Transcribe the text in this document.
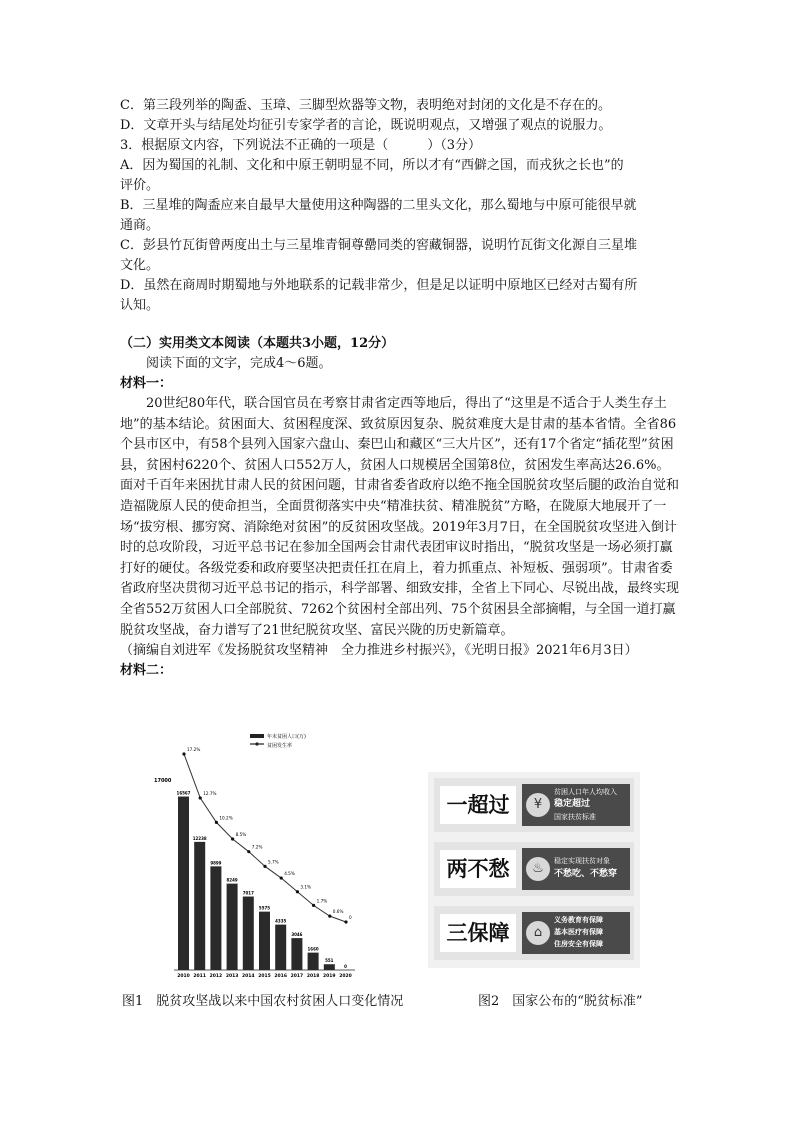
C．第三段列举的陶盉、玉璋、三脚型炊器等文物，表明绝对封闭的文化是不存在的。
D．文章开头与结尾处均征引专家学者的言论，既说明观点，又增强了观点的说服力。
3．根据原文内容，下列说法不正确的一项是（　　　）（3分）
A．因为蜀国的礼制、文化和中原王朝明显不同，所以才有“西僻之国，而戎狄之长也”的
评价。
B．三星堆的陶盉应来自最早大量使用这种陶器的二里头文化，那么蜀地与中原可能很早就
通商。
C．彭县竹瓦街曾两度出土与三星堆青铜尊罍同类的窖藏铜器，说明竹瓦街文化源自三星堆
文化。
D．虽然在商周时期蜀地与外地联系的记载非常少，但是足以证明中原地区已经对古蜀有所
认知。
（二）实用类文本阅读（本题共3小题，12分）
阅读下面的文字，完成4～6题。
材料一：
20世纪80年代，联合国官员在考察甘肃省定西等地后，得出了“这里是不适合于人类生存土地”的基本结论。贫困面大、贫困程度深、致贫原因复杂、脱贫难度大是甘肃的基本省情。全省86个县市区中，有58个县列入国家六盘山、秦巴山和藏区“三大片区”，还有17个省定“插花型”贫困县，贫困村6220个、贫困人口552万人，贫困人口规模居全国第8位，贫困发生率高达26.6%。面对千百年来困扰甘肃人民的贫困问题，甘肃省委省政府以绝不拖全国脱贫攻坚后腿的政治自觉和造福陇原人民的使命担当，全面贯彻落实中央“精准扶贫、精准脱贫”方略，在陇原大地展开了一场“拔穷根、挪穷窝、消除绝对贫困”的反贫困攻坚战。2019年3月7日，在全国脱贫攻坚进入倒计时的总攻阶段，习近平总书记在参加全国两会甘肃代表团审议时指出，“脱贫攻坚是一场必须打赢打好的硬仗。各级党委和政府要坚决把责任扛在肩上，着力抓重点、补短板、强弱项”。甘肃省委省政府坚决贯彻习近平总书记的指示，科学部署、细致安排，全省上下同心、尽锐出战，最终实现全省552万贫困人口全部脱贫、7262个贫困村全部出列、75个贫困县全部摘帽，与全国一道打赢脱贫攻坚战，奋力谱写了21世纪脱贫攻坚、富民兴陇的历史新篇章。
（摘编自刘进军《发扬脱贫攻坚精神　全力推进乡村振兴》，《光明日报》2021年6月3日）
材料二：
年末贫困人口(万)
贫困发生率
17000
16567
2010
12238
2011
9899
2012
8249
2013
7017
2014
5575
2015
4335
2016
3046
2017
1660
2018
551
2019
0
2020
17.2%
12.7%
10.2%
8.5%
7.2%
5.7%
4.5%
3.1%
1.7%
0.6%
0
一超过	¥
贫困人口年人均收入
稳定超过
国家扶贫标准
两不愁	♨	稳定实现扶贫对象
不愁吃、不愁穿
三保障	⌂
义务教育有保障
基本医疗有保障
住房安全有保障
图1　脱贫攻坚战以来中国农村贫困人口变化情况	图2　国家公布的“脱贫标准”
